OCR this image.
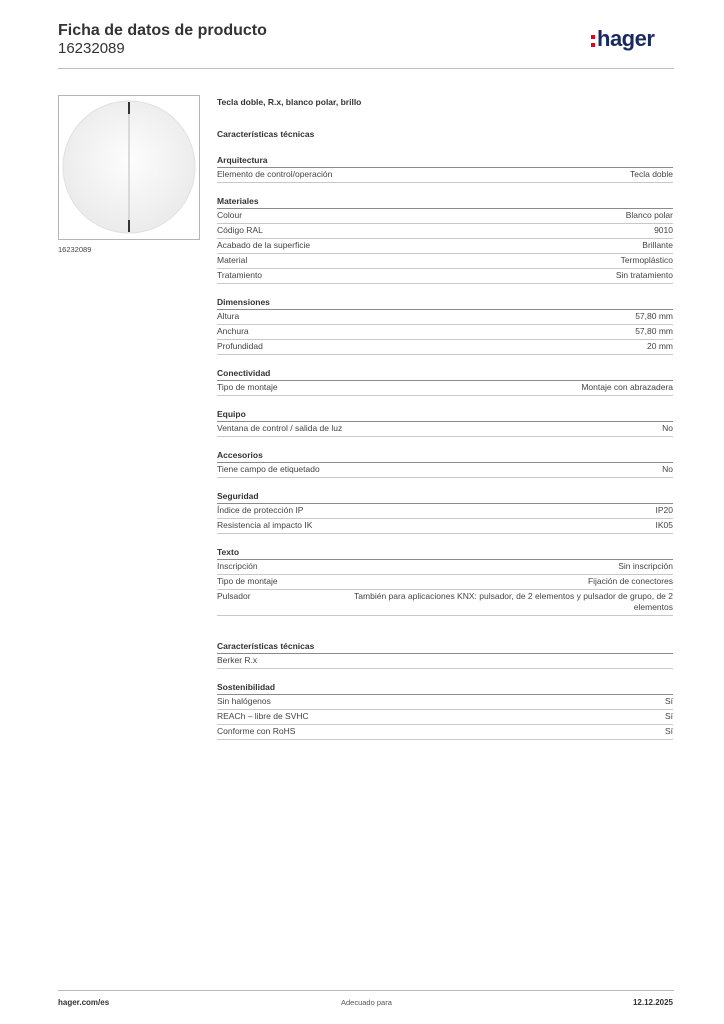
Ficha de datos de producto
16232089	hager
16232089
Tecla doble, R.x, blanco polar, brillo
Características técnicas
Arquitectura
Elemento de control/operación	Tecla doble
Materiales
Colour	Blanco polar
Código RAL	9010
Acabado de la superficie	Brillante
Material	Termoplástico
Tratamiento	Sin tratamiento
Dimensiones
Altura	57,80 mm
Anchura	57,80 mm
Profundidad	20 mm
Conectividad
Tipo de montaje	Montaje con abrazadera
Equipo
Ventana de control / salida de luz	No
Accesorios
Tiene campo de etiquetado	No
Seguridad
Índice de protección IP	IP20
Resistencia al impacto IK	IK05
Texto
Inscripción	Sin inscripción
Tipo de montaje	Fijación de conectores
Pulsador	También para aplicaciones KNX: pulsador, de 2 elementos y pulsador de grupo, de 2 elementos
Características técnicas
Berker R.x
Sostenibilidad
Sin halógenos	Sí
REACh – libre de SVHC	Sí
Conforme con RoHS	Sí
hager.com/es	Adecuado para	12.12.2025
